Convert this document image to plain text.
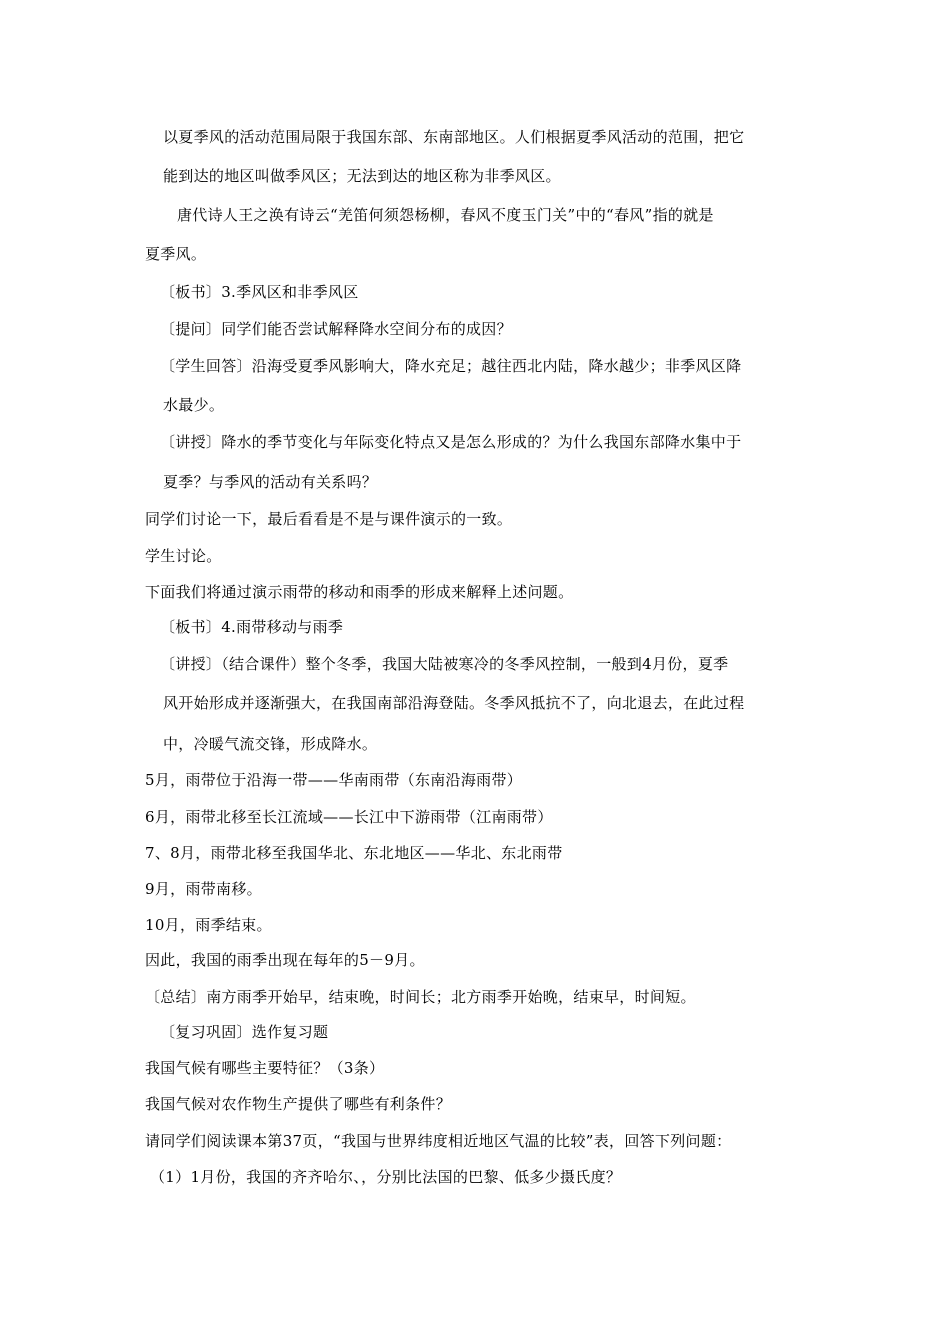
以夏季风的活动范围局限于我国东部、东南部地区。人们根据夏季风活动的范围，把它
能到达的地区叫做季风区；无法到达的地区称为非季风区。
唐代诗人王之涣有诗云“羌笛何须怨杨柳，春风不度玉门关”中的“春风”指的就是
夏季风。
〔板书〕3.季风区和非季风区
〔提问〕同学们能否尝试解释降水空间分布的成因？
〔学生回答〕沿海受夏季风影响大，降水充足；越往西北内陆，降水越少；非季风区降
水最少。
〔讲授〕降水的季节变化与年际变化特点又是怎么形成的？为什么我国东部降水集中于
夏季？与季风的活动有关系吗？
同学们讨论一下，最后看看是不是与课件演示的一致。
学生讨论。
下面我们将通过演示雨带的移动和雨季的形成来解释上述问题。
〔板书〕4.雨带移动与雨季
〔讲授〕（结合课件）整个冬季，我国大陆被寒冷的冬季风控制，一般到4月份，夏季
风开始形成并逐渐强大，在我国南部沿海登陆。冬季风抵抗不了，向北退去，在此过程
中，冷暖气流交锋，形成降水。
5月，雨带位于沿海一带——华南雨带（东南沿海雨带）
6月，雨带北移至长江流域——长江中下游雨带（江南雨带）
7、8月，雨带北移至我国华北、东北地区——华北、东北雨带
9月，雨带南移。
10月，雨季结束。
因此，我国的雨季出现在每年的5－9月。
〔总结〕南方雨季开始早，结束晚，时间长；北方雨季开始晚，结束早，时间短。
〔复习巩固〕选作复习题
我国气候有哪些主要特征？（3条）
我国气候对农作物生产提供了哪些有利条件？
请同学们阅读课本第37页，“我国与世界纬度相近地区气温的比较”表，回答下列问题：
（1）1月份，我国的齐齐哈尔、，分别比法国的巴黎、低多少摄氏度？
